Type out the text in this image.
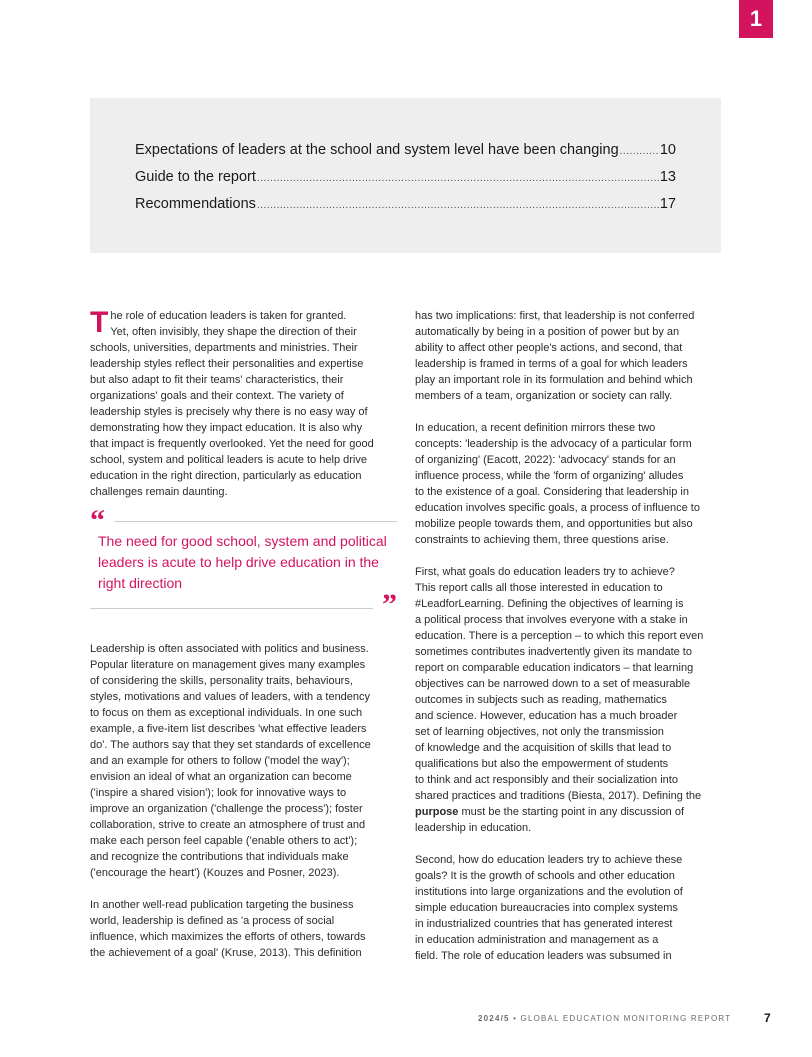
1
Expectations of leaders at the school and system level have been changing .....	10
Guide to the report .....	13
Recommendations .....	17
T he role of education leaders is taken for granted.
Yet, often invisibly, they shape the direction of their
schools, universities, departments and ministries. Their
leadership styles reflect their personalities and expertise
but also adapt to fit their teams' characteristics, their
organizations' goals and their context. The variety of
leadership styles is precisely why there is no easy way of
demonstrating how they impact education. It is also why
that impact is frequently overlooked. Yet the need for good
school, system and political leaders is acute to help drive
education in the right direction, particularly as education
challenges remain daunting.
“
The need for good school, system and political leaders is acute to help drive education in the right direction
”
Leadership is often associated with politics and business.
Popular literature on management gives many examples
of considering the skills, personality traits, behaviours,
styles, motivations and values of leaders, with a tendency
to focus on them as exceptional individuals. In one such
example, a five-item list describes 'what effective leaders
do'. The authors say that they set standards of excellence
and an example for others to follow ('model the way');
envision an ideal of what an organization can become
('inspire a shared vision'); look for innovative ways to
improve an organization ('challenge the process'); foster
collaboration, strive to create an atmosphere of trust and
make each person feel capable ('enable others to act');
and recognize the contributions that individuals make
('encourage the heart') (Kouzes and Posner, 2023).
In another well-read publication targeting the business
world, leadership is defined as 'a process of social
influence, which maximizes the efforts of others, towards
the achievement of a goal' (Kruse, 2013). This definition
has two implications: first, that leadership is not conferred
automatically by being in a position of power but by an
ability to affect other people's actions, and second, that
leadership is framed in terms of a goal for which leaders
play an important role in its formulation and behind which
members of a team, organization or society can rally.
In education, a recent definition mirrors these two
concepts: 'leadership is the advocacy of a particular form
of organizing' (Eacott, 2022): 'advocacy' stands for an
influence process, while the 'form of organizing' alludes
to the existence of a goal. Considering that leadership in
education involves specific goals, a process of influence to
mobilize people towards them, and opportunities but also
constraints to achieving them, three questions arise.
First, what goals do education leaders try to achieve?
This report calls all those interested in education to
#LeadforLearning. Defining the objectives of learning is
a political process that involves everyone with a stake in
education. There is a perception – to which this report even
sometimes contributes inadvertently given its mandate to
report on comparable education indicators – that learning
objectives can be narrowed down to a set of measurable
outcomes in subjects such as reading, mathematics
and science. However, education has a much broader
set of learning objectives, not only the transmission
of knowledge and the acquisition of skills that lead to
qualifications but also the empowerment of students
to think and act responsibly and their socialization into
shared practices and traditions (Biesta, 2017). Defining the
purpose must be the starting point in any discussion of
leadership in education.
Second, how do education leaders try to achieve these
goals? It is the growth of schools and other education
institutions into large organizations and the evolution of
simple education bureaucracies into complex systems
in industrialized countries that has generated interest
in education administration and management as a
field. The role of education leaders was subsumed in
2024/5 • GLOBAL EDUCATION MONITORING REPORT	7
